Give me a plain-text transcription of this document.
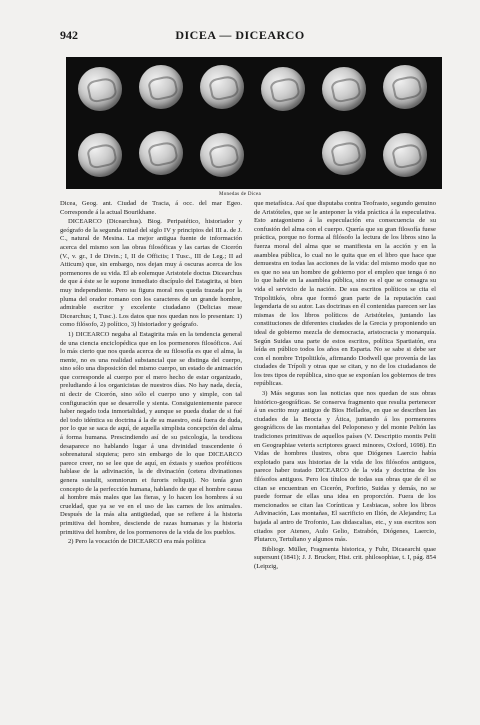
942	DICEA — DICEARCO
Monedas de Dicea

Dicea, Geog. ant. Ciudad de Tracia, á occ. del mar Egeo. Corresponde á la actual Bourikhane.

DICEARCO (Dicearchus). Biog. Peripatético, historiador y geógrafo de la segunda mitad del siglo IV y principios del III a. de J. C., natural de Mesina. La mejor antigua fuente de información acerca del mismo son las obras filosóficas y las cartas de Cicerón (V., v. gr., I de Divin.; I, II de Officiis; I Tusc., III de Leg.; II ad Atticum) que, sin embargo, nos dejan muy á oscuras acerca de los pormenores de su vida. El ab eolemque Aristotele doctus Dicearchus de que á éste se le supone inmediato discípulo del Estagirita, si bien muy independiente. Pero su figura moral nos queda trazada por la pluma del orador romano con los caracteres de un grande hombre, admirable escritor y excelente ciudadano (Delicias meae Dicearchus; I, Tusc.). Los datos que nos quedan nos lo presentan: 1) como filósofo, 2) político, 3) historiador y geógrafo.

1) DICEARCO negaba al Estagirita más en la tendencia general de una ciencia enciclopédica que en los pormenores filosóficos. Así lo más cierto que nos queda acerca de su filosofía es que el alma, la mente, no es una realidad substancial que se distinga del cuerpo, sino sólo una disposición del mismo cuerpo, un estado de animación que corresponde al cuerpo por el mero hecho de estar organizado, preludiando á los organicistas de nuestros días. No hay nada, decía, ni decir de Cicerón, sino sólo el cuerpo uno y simple, con tal configuración que se desarrolle y sienta. Consiguientemente parece haber negado toda inmortalidad, y aunque se pueda dudar de si fué del todo idéntica su doctrina á la de su maestro, está fuera de duda, por lo que se saca de aquí, de aquella simplista concepción del alma á forma humana. Prescindiendo así de su psicología, la teodicea desaparece no hablando lugar á una divinidad trascendente ó sobrenatural siquiera; pero sin embargo de lo que DICEARCO parece creer, no se lee que de aquí, en éxtasis y sueños proféticos hablase de la adivinación, la de divinación (cetera divinationes genera sustulit, somniorum et furoris reliquit). No tenía gran concepto de la perfección humana, hablando de que el hombre causa al hombre más males que las fieras, y lo hacen los hombres á su crueldad, que ya se ve en el uso de las carnes de los animales. Después de la más alta antigüedad, que se refiere á la historia primitiva del hombre, desciende de razas humanas y la historia primitiva del hombre, de los pormenores de la vida de los pueblos.

2) Pero la vocación de DICEARCO era más política

que metafísica. Así que disputaba contra Teofrasto, segundo genuino de Aristóteles, que se le anteponer la vida práctica á la especulativa. Esto antagonismo á la especulación era consecuencia de su confusión del alma con el cuerpo. Quería que su gran filosofía fuese práctica, porque no forma al filósofo la lectura de los libros sino la fuerza moral del alma que se manifiesta en la acción y en la asamblea pública, lo cual no le quita que en el libro que hace que demuestra en todas las acciones de la vida: del mismo modo que no es que no sea un hombre de gobierno por el empleo que tenga ó no lo que hable en la asamblea pública, sino es el que se consagra su vida el servicio de la nación. De sus escritos políticos se cita el Tripolitikós, obra que formó gran parte de la reputación casi legendaria de su autor. Las doctrinas en él contenidas parecen ser las mismas de los libros políticos de Aristóteles, juntando las constituciones de diferentes ciudades de la Grecia y proponiendo un ideal de gobierno mezcla de democracia, aristocracia y monarquía. Según Suidas una parte de estos escritos, política Spartiatón, era leída en público todos los años en Esparta. No se sabe si debe ser con el nombre Tripolitikós, afirmando Dodwell que provenía de las ciudades de Trípoli y otras que se citan, y no de los ciudadanos de los tres tipos de república, sino que se exponían los gobiernos de tres repúblicas.

3) Más seguras son las noticias que nos quedan de sus obras histórico-geográficas. Se conserva fragmento que resulta pertenecer á un escrito muy antiguo de Bios Hellados, en que se describen las ciudades de la Beocia y Ática, juntando á los pormenores geográficos de las montañas del Peloponeso y del monte Pelión las tradiciones primitivas de aquellos países (V. Descriptio montis Pelii en Geographiae veteris scriptores graeci minores, Oxford, 1698). En Vidas de hombres ilustres, obra que Diógenes Laercio había explotado para sus historias de la vida de los filósofos antiguos, parece haber tratado DICEARCO de la vida y doctrina de los filósofos antiguos. Pero los títulos de todas sus obras que de él se citan se encuentran en Cicerón, Porfirio, Suidas y demás, no se puede formar de ellas una idea en proporción. Fuera de los mencionados se citan las Corínticas y Lesbiacas, sobre los libros Adivinación, Las montañas, El sacrificio en Ilión, de Alejandro; La bajada al antro de Trofonio, Las didascalias, etc., y sus escritos son citados por Ateneo, Aulo Gelio, Estrabón, Diógenes, Laercio, Plutarco, Tertuliano y algunos más.

Bibliogr. Müller, Fragmenta historica, y Fuhr, Dicaearchi quae supersunt (1841); J. J. Brucker, Hist. crit. philosophiae, t. I, pág. 854 (Leipzig,
